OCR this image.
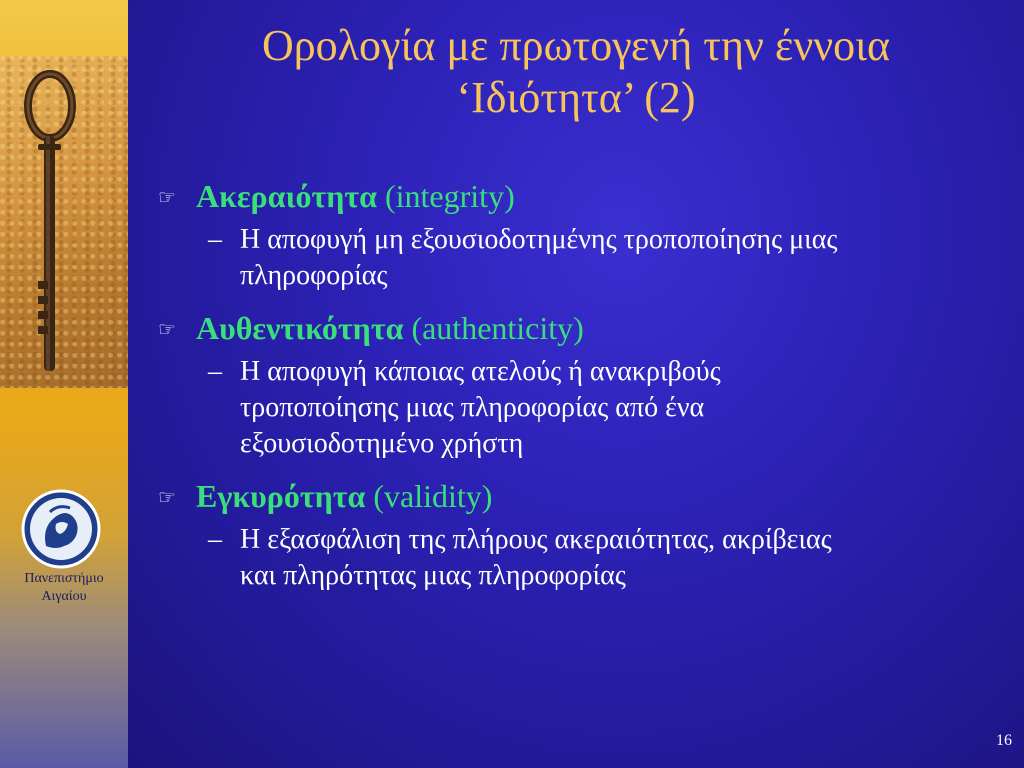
Πανεπιστήμιο
Αιγαίου
Ορολογία με πρωτογενή την έννοια
‘Ιδιότητα’ (2)
☞ Ακεραιότητα (integrity)
– Η αποφυγή μη εξουσιοδοτημένης τροποποίησης μιας
πληροφορίας
☞ Αυθεντικότητα (authenticity)
– Η αποφυγή κάποιας ατελούς ή ανακριβούς
τροποποίησης μιας πληροφορίας από ένα
εξουσιοδοτημένο χρήστη
☞ Εγκυρότητα (validity)
– Η εξασφάλιση της πλήρους ακεραιότητας, ακρίβειας
και πληρότητας μιας πληροφορίας
16
